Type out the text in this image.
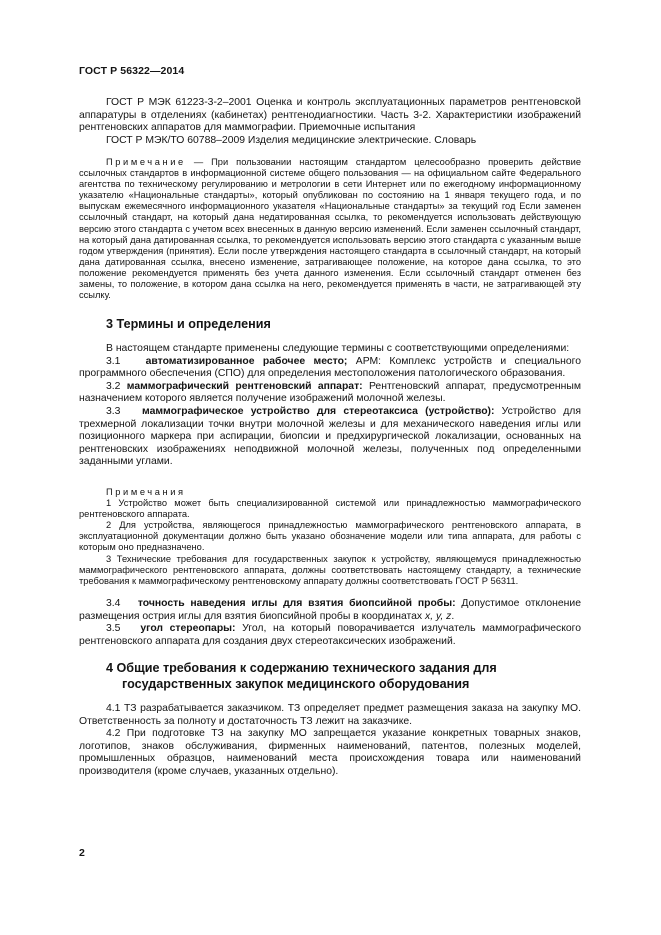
ГОСТ Р 56322—2014

ГОСТ Р МЭК 61223-3-2–2001 Оценка и контроль эксплуатационных параметров рентгеновской аппаратуры в отделениях (кабинетах) рентгенодиагностики. Часть 3-2. Характеристики изображений рентгеновских аппаратов для маммографии. Приемочные испытания

ГОСТ Р МЭК/ТО 60788–2009 Изделия медицинские электрические. Словарь

Примечание — При пользовании настоящим стандартом целесообразно проверить действие ссылочных стандартов в информационной системе общего пользования — на официальном сайте Федерального агентства по техническому регулированию и метрологии в сети Интернет или по ежегодному информационному указателю «Национальные стандарты», который опубликован по состоянию на 1 января текущего года, и по выпускам ежемесячного информационного указателя «Национальные стандарты» за текущий год Если заменен ссылочный стандарт, на который дана недатированная ссылка, то рекомендуется использовать действующую версию этого стандарта с учетом всех внесенных в данную версию изменений. Если заменен ссылочный стандарт, на который дана датированная ссылка, то рекомендуется использовать версию этого стандарта с указанным выше годом утверждения (принятия). Если после утверждения настоящего стандарта в ссылочный стандарт, на который дана датированная ссылка, внесено изменение, затрагивающее положение, на которое дана ссылка, то это положение рекомендуется применять без учета данного изменения. Если ссылочный стандарт отменен без замены, то положение, в котором дана ссылка на него, рекомендуется применять в части, не затрагивающей эту ссылку.

3 Термины и определения

В настоящем стандарте применены следующие термины с соответствующими определениями:

3.1 автоматизированное рабочее место; АРМ: Комплекс устройств и специального программного обеспечения (СПО) для определения местоположения патологического образования.

3.2 маммографический рентгеновский аппарат: Рентгеновский аппарат, предусмотренным назначением которого является получение изображений молочной железы.

3.3 маммографическое устройство для стереотаксиса (устройство): Устройство для трехмерной локализации точки внутри молочной железы и для механического наведения иглы или позиционного маркера при аспирации, биопсии и предхирургической локализации, основанных на рентгеновских изображениях неподвижной молочной железы, полученных под определенными заданными углами.

Примечания

1 Устройство может быть специализированной системой или принадлежностью маммографического рентгеновского аппарата.

2 Для устройства, являющегося принадлежностью маммографического рентгеновского аппарата, в эксплуатационной документации должно быть указано обозначение модели или типа аппарата, для работы с которым оно предназначено.

3 Технические требования для государственных закупок к устройству, являющемуся принадлежностью маммографического рентгеновского аппарата, должны соответствовать настоящему стандарту, а технические требования к маммографическому рентгеновскому аппарату должны соответствовать ГОСТ Р 56311.

3.4 точность наведения иглы для взятия биопсийной пробы: Допустимое отклонение размещения острия иглы для взятия биопсийной пробы в координатах x, y, z.

3.5 угол стереопары: Угол, на который поворачивается излучатель маммографического рентгеновского аппарата для создания двух стереотаксических изображений.

4 Общие требования к содержанию технического задания для
государственных закупок медицинского оборудования

4.1 ТЗ разрабатывается заказчиком. ТЗ определяет предмет размещения заказа на закупку МО. Ответственность за полноту и достаточность ТЗ лежит на заказчике.

4.2 При подготовке ТЗ на закупку МО запрещается указание конкретных товарных знаков, логотипов, знаков обслуживания, фирменных наименований, патентов, полезных моделей, промышленных образцов, наименований места происхождения товара или наименований производителя (кроме случаев, указанных отдельно).

2
